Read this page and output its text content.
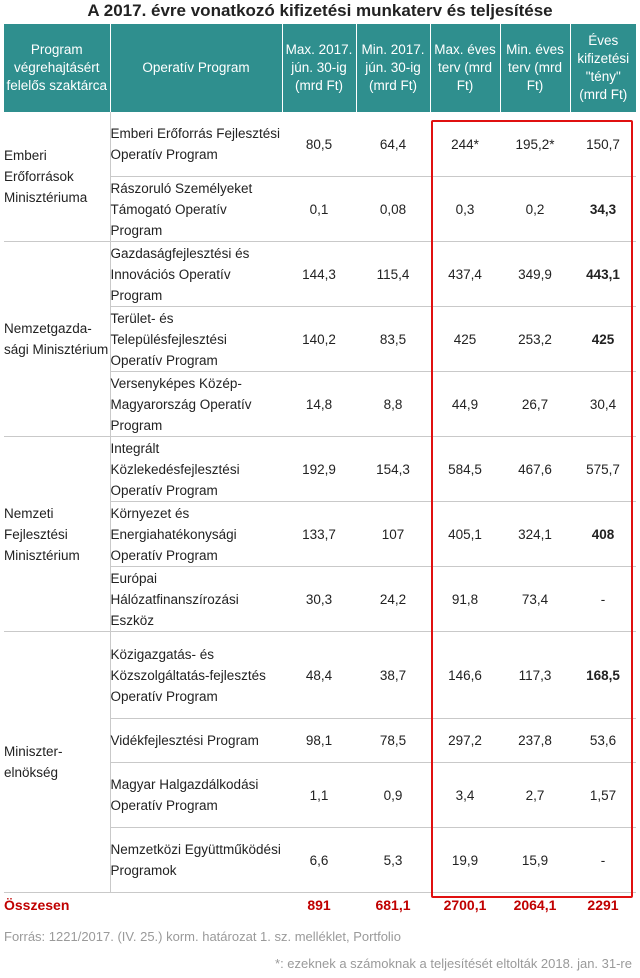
A 2017. évre vonatkozó kifizetési munkaterv és teljesítése
Program végrehajtásért felelős szaktárca	Operatív Program	Max. 2017. jún. 30-ig (mrd Ft)	Min. 2017. jún. 30-ig (mrd Ft)	Max. éves terv (mrd Ft)	Min. éves terv (mrd Ft)	Éves kifizetési "tény" (mrd Ft)
Emberi Erőforrások Minisztériuma	Emberi Erőforrás Fejlesztési Operatív Program	80,5	64,4	244*	195,2*	150,7
	Rászoruló Személyeket Támogató Operatív Program	0,1	0,08	0,3	0,2	34,3
Nemzetgazda-sági Minisztérium	Gazdaságfejlesztési és Innovációs Operatív Program	144,3	115,4	437,4	349,9	443,1
	Terület- és Településfejlesztési Operatív Program	140,2	83,5	425	253,2	425
	Versenyképes Közép-Magyarország Operatív Program	14,8	8,8	44,9	26,7	30,4
Nemzeti Fejlesztési Minisztérium	Integrált Közlekedésfejlesztési Operatív Program	192,9	154,3	584,5	467,6	575,7
	Környezet és Energiahatékonysági Operatív Program	133,7	107	405,1	324,1	408
	Európai Hálózatfinanszírozási Eszköz	30,3	24,2	91,8	73,4	-
Miniszter-elnökség	Közigazgatás- és Közszolgáltatás-fejlesztés Operatív Program	48,4	38,7	146,6	117,3	168,5
	Vidékfejlesztési Program	98,1	78,5	297,2	237,8	53,6
	Magyar Halgazdálkodási Operatív Program	1,1	0,9	3,4	2,7	1,57
	Nemzetközi Együttműködési Programok	6,6	5,3	19,9	15,9	-
Összesen		891	681,1	2700,1	2064,1	2291
Forrás: 1221/2017. (IV. 25.) korm. határozat 1. sz. melléklet, Portfolio
*: ezeknek a számoknak a teljesítését eltolták 2018. jan. 31-re
